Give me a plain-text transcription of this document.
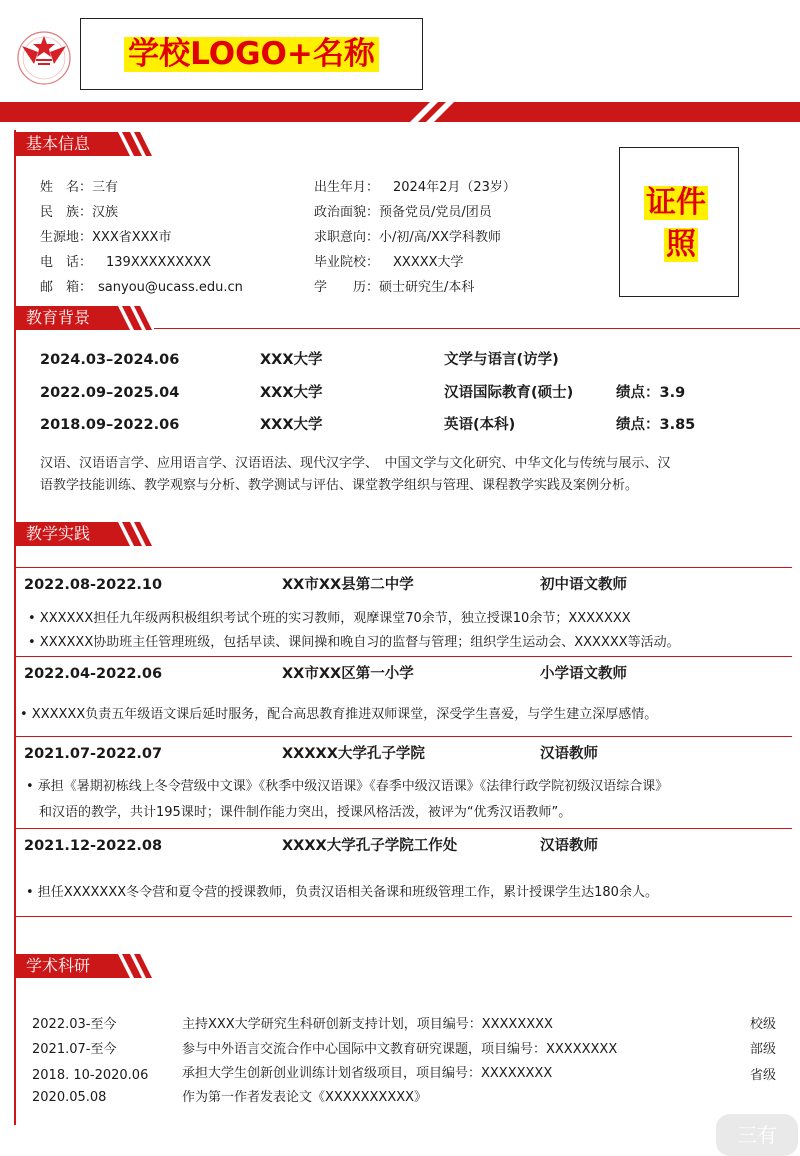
学校LOGO+名称
基本信息
姓　名：三有
民　族：汉族
生源地：XXX省XXX市
电　话： 139XXXXXXXXX
邮　箱： sanyou@ucass.edu.cn
出生年月： 2024年2月（23岁）
政治面貌：预备党员/党员/团员
求职意向：小/初/高/XX学科教师
毕业院校： XXXXX大学
学　　历：硕士研究生/本科
证件
照
教育背景
2024.03–2024.06	XXX大学	文学与语言(访学)
2022.09–2025.04	XXX大学	汉语国际教育(硕士)	绩点：3.9
2018.09–2022.06	XXX大学	英语(本科)	绩点：3.85
汉语、汉语语言学、应用语言学、汉语语法、现代汉字学、　中国文学与文化研究、中华文化与传统与展示、汉
语教学技能训练、教学观察与分析、教学测试与评估、课堂教学组织与管理、课程教学实践及案例分析。
教学实践
2022.08-2022.10	XX市XX县第二中学	初中语文教师
• XXXXXX担任九年级两积极组织考试个班的实习教师，观摩课堂70余节，独立授课10余节；XXXXXXX
• XXXXXX协助班主任管理班级，包括早读、课间操和晚自习的监督与管理；组织学生运动会、XXXXXX等活动。
2022.04-2022.06	XX市XX区第一小学	小学语文教师
• XXXXXX负责五年级语文课后延时服务，配合高思教育推进双师课堂，深受学生喜爱，与学生建立深厚感情。
2021.07-2022.07	XXXXX大学孔子学院	汉语教师
• 承担《暑期初栋线上冬令营级中文课》《秋季中级汉语课》《春季中级汉语课》《法律行政学院初级汉语综合课》
　和汉语的教学，共计195课时；课件制作能力突出，授课风格活泼，被评为“优秀汉语教师”。
2021.12-2022.08	XXXX大学孔子学院工作处	汉语教师
• 担任XXXXXXX冬令营和夏令营的授课教师，负责汉语相关备课和班级管理工作，累计授课学生达180余人。
学术科研
2022.03-至今	主持XXX大学研究生科研创新支持计划，项目编号：XXXXXXXX	校级
2021.07-至今	参与中外语言交流合作中心国际中文教育研究课题，项目编号：XXXXXXXX	部级
2018. 10-2020.06	承担大学生创新创业训练计划省级项目，项目编号：XXXXXXXX	省级
2020.05.08	作为第一作者发表论文《XXXXXXXXXX》
三有
